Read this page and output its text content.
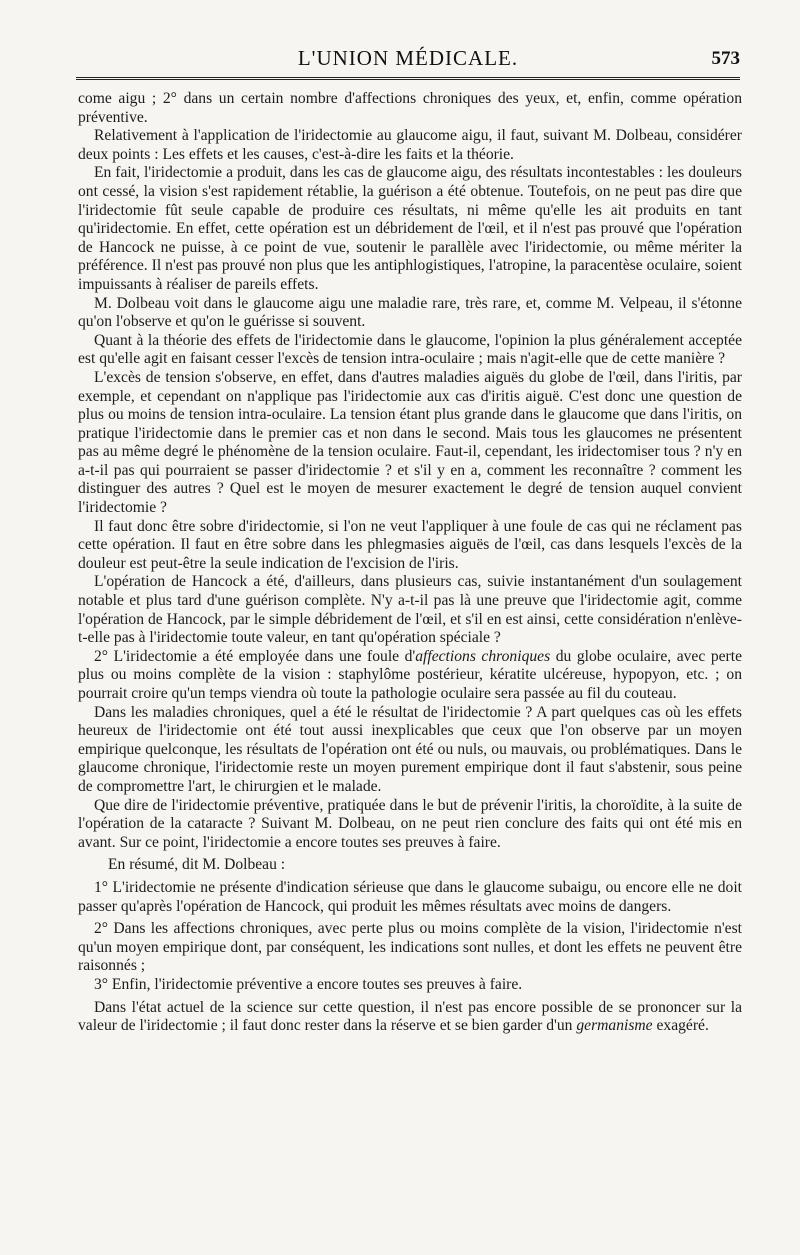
L'UNION MÉDICALE.	573

come aigu ; 2° dans un certain nombre d'affections chroniques des yeux, et, enfin, comme opération préventive.

Relativement à l'application de l'iridectomie au glaucome aigu, il faut, suivant M. Dolbeau, considérer deux points : Les effets et les causes, c'est-à-dire les faits et la théorie.

En fait, l'iridectomie a produit, dans les cas de glaucome aigu, des résultats incontestables : les douleurs ont cessé, la vision s'est rapidement rétablie, la guérison a été obtenue. Toutefois, on ne peut pas dire que l'iridectomie fût seule capable de produire ces résultats, ni même qu'elle les ait produits en tant qu'iridectomie. En effet, cette opération est un débridement de l'œil, et il n'est pas prouvé que l'opération de Hancock ne puisse, à ce point de vue, soutenir le parallèle avec l'iridectomie, ou même mériter la préférence. Il n'est pas prouvé non plus que les antiphlogistiques, l'atropine, la paracentèse oculaire, soient impuissants à réaliser de pareils effets.

M. Dolbeau voit dans le glaucome aigu une maladie rare, très rare, et, comme M. Velpeau, il s'étonne qu'on l'observe et qu'on le guérisse si souvent.

Quant à la théorie des effets de l'iridectomie dans le glaucome, l'opinion la plus généralement acceptée est qu'elle agit en faisant cesser l'excès de tension intra-oculaire ; mais n'agit-elle que de cette manière ?

L'excès de tension s'observe, en effet, dans d'autres maladies aiguës du globe de l'œil, dans l'iritis, par exemple, et cependant on n'applique pas l'iridectomie aux cas d'iritis aiguë. C'est donc une question de plus ou moins de tension intra-oculaire. La tension étant plus grande dans le glaucome que dans l'iritis, on pratique l'iridectomie dans le premier cas et non dans le second. Mais tous les glaucomes ne présentent pas au même degré le phénomène de la tension oculaire. Faut-il, cependant, les iridectomiser tous ? n'y en a-t-il pas qui pourraient se passer d'iridectomie ? et s'il y en a, comment les reconnaître ? comment les distinguer des autres ? Quel est le moyen de mesurer exactement le degré de tension auquel convient l'iridectomie ?

Il faut donc être sobre d'iridectomie, si l'on ne veut l'appliquer à une foule de cas qui ne réclament pas cette opération. Il faut en être sobre dans les phlegmasies aiguës de l'œil, cas dans lesquels l'excès de la douleur est peut-être la seule indication de l'excision de l'iris.

L'opération de Hancock a été, d'ailleurs, dans plusieurs cas, suivie instantanément d'un soulagement notable et plus tard d'une guérison complète. N'y a-t-il pas là une preuve que l'iridectomie agit, comme l'opération de Hancock, par le simple débridement de l'œil, et s'il en est ainsi, cette considération n'enlève-t-elle pas à l'iridectomie toute valeur, en tant qu'opération spéciale ?

2° L'iridectomie a été employée dans une foule d'affections chroniques du globe oculaire, avec perte plus ou moins complète de la vision : staphylôme postérieur, kératite ulcéreuse, hypopyon, etc. ; on pourrait croire qu'un temps viendra où toute la pathologie oculaire sera passée au fil du couteau.

Dans les maladies chroniques, quel a été le résultat de l'iridectomie ? A part quelques cas où les effets heureux de l'iridectomie ont été tout aussi inexplicables que ceux que l'on observe par un moyen empirique quelconque, les résultats de l'opération ont été ou nuls, ou mauvais, ou problématiques. Dans le glaucome chronique, l'iridectomie reste un moyen purement empirique dont il faut s'abstenir, sous peine de compromettre l'art, le chirurgien et le malade.

Que dire de l'iridectomie préventive, pratiquée dans le but de prévenir l'iritis, la choroïdite, à la suite de l'opération de la cataracte ? Suivant M. Dolbeau, on ne peut rien conclure des faits qui ont été mis en avant. Sur ce point, l'iridectomie a encore toutes ses preuves à faire.

En résumé, dit M. Dolbeau :

1° L'iridectomie ne présente d'indication sérieuse que dans le glaucome subaigu, ou encore elle ne doit passer qu'après l'opération de Hancock, qui produit les mêmes résultats avec moins de dangers.

2° Dans les affections chroniques, avec perte plus ou moins complète de la vision, l'iridectomie n'est qu'un moyen empirique dont, par conséquent, les indications sont nulles, et dont les effets ne peuvent être raisonnés ;

3° Enfin, l'iridectomie préventive a encore toutes ses preuves à faire.

Dans l'état actuel de la science sur cette question, il n'est pas encore possible de se prononcer sur la valeur de l'iridectomie ; il faut donc rester dans la réserve et se bien garder d'un germanisme exagéré.
